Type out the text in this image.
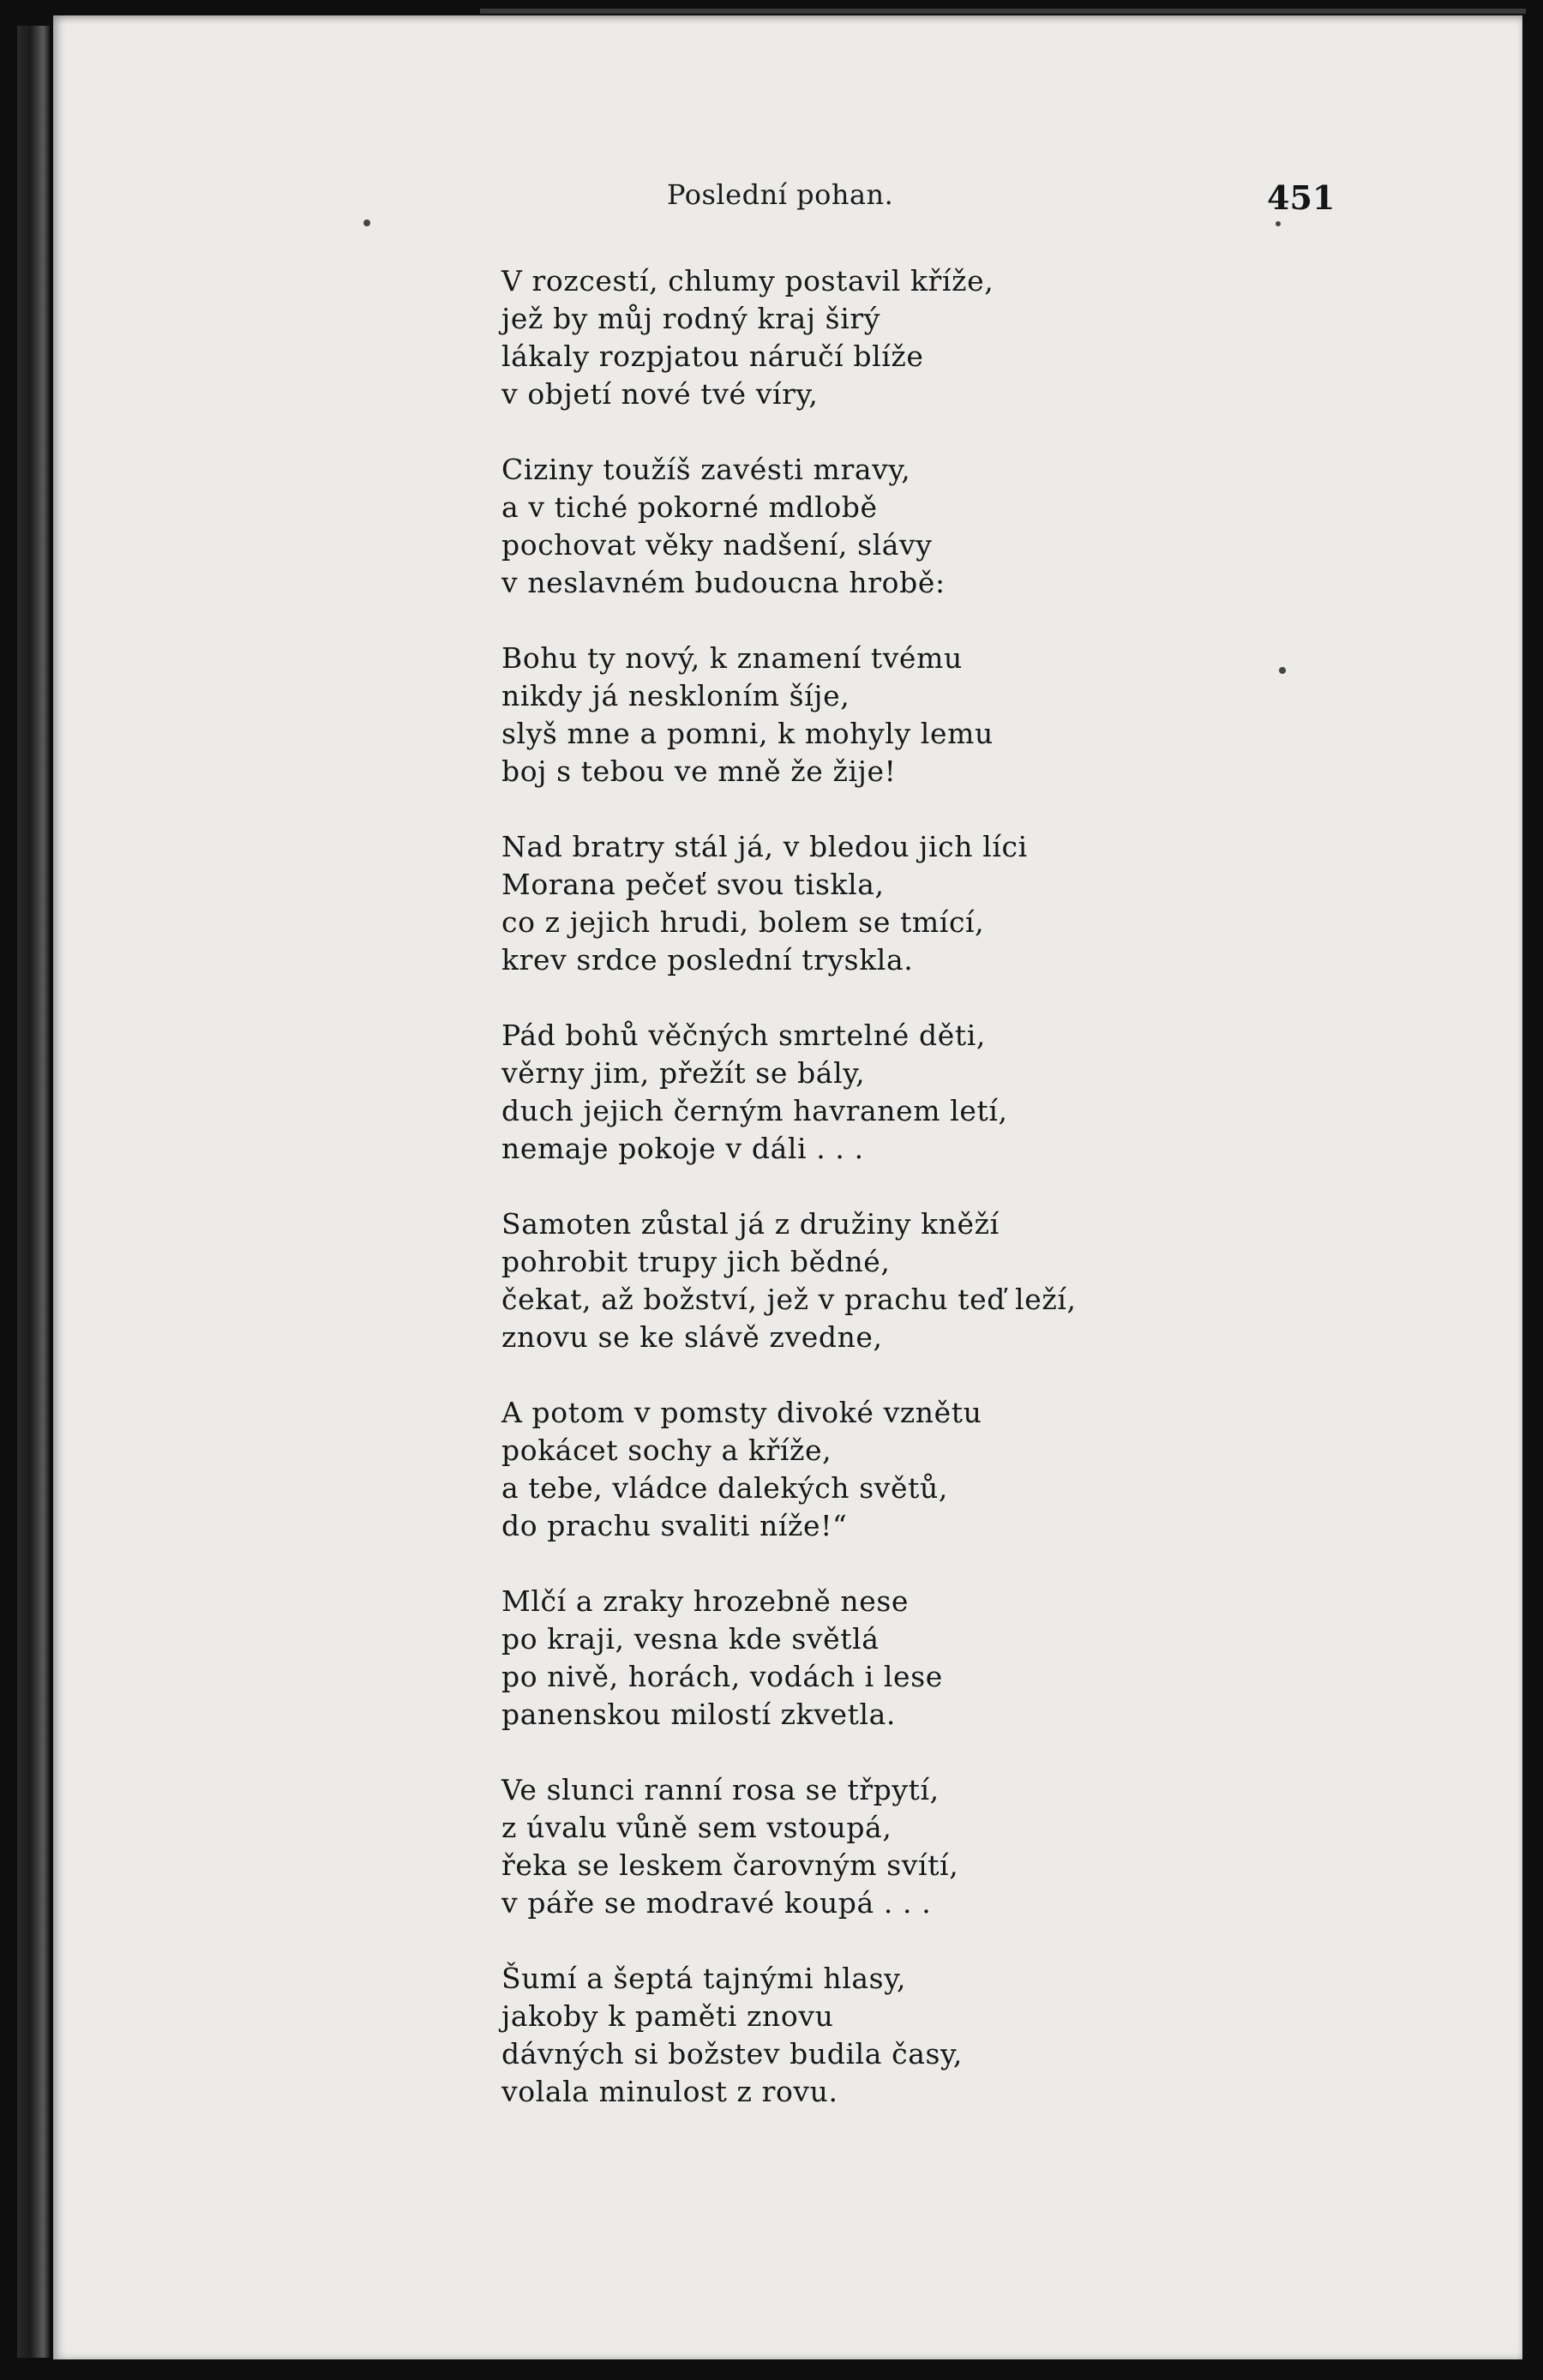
Poslední pohan.	451
V rozcestí, chlumy postavil kříže,
jež by můj rodný kraj širý
lákaly rozpjatou náručí blíže
v objetí nové tvé víry,
Ciziny toužíš zavésti mravy,
a v tiché pokorné mdlobě
pochovat věky nadšení, slávy
v neslavném budoucna hrobě:
Bohu ty nový, k znamení tvému
nikdy já neskloním šíje,
slyš mne a pomni, k mohyly lemu
boj s tebou ve mně že žije!
Nad bratry stál já, v bledou jich líci
Morana pečeť svou tiskla,
co z jejich hrudi, bolem se tmící,
krev srdce poslední tryskla.
Pád bohů věčných smrtelné děti,
věrny jim, přežít se bály,
duch jejich černým havranem letí,
nemaje pokoje v dáli . . .
Samoten zůstal já z družiny kněží
pohrobit trupy jich bědné,
čekat, až božství, jež v prachu teď leží,
znovu se ke slávě zvedne,
A potom v pomsty divoké vznětu
pokácet sochy a kříže,
a tebe, vládce dalekých světů,
do prachu svaliti níže!“
Mlčí a zraky hrozebně nese
po kraji, vesna kde světlá
po nivě, horách, vodách i lese
panenskou milostí zkvetla.
Ve slunci ranní rosa se třpytí,
z úvalu vůně sem vstoupá,
řeka se leskem čarovným svítí,
v páře se modravé koupá . . .
Šumí a šeptá tajnými hlasy,
jakoby k paměti znovu
dávných si božstev budila časy,
volala minulost z rovu.
